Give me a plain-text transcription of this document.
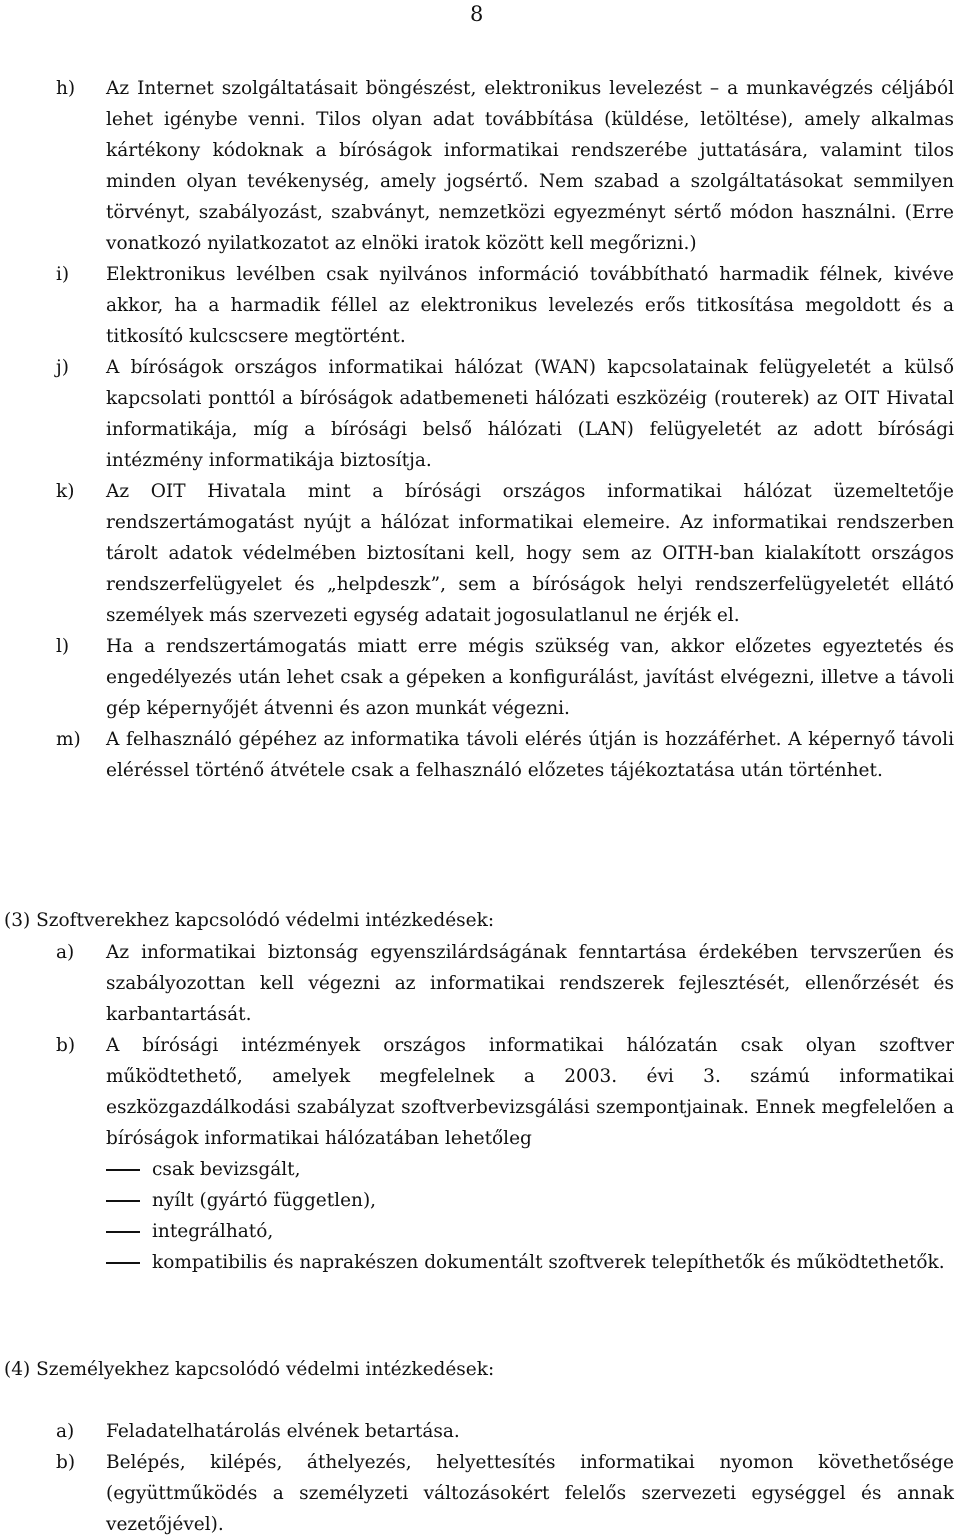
8
h) Az Internet szolgáltatásait böngészést, elektronikus levelezést – a munkavégzés céljából lehet igénybe venni. Tilos olyan adat továbbítása (küldése, letöltése), amely alkalmas kártékony kódoknak a bíróságok informatikai rendszerébe juttatására, valamint tilos minden olyan tevékenység, amely jogsértő. Nem szabad a szolgáltatásokat semmilyen törvényt, szabályozást, szabványt, nemzetközi egyezményt sértő módon használni. (Erre vonatkozó nyilatkozatot az elnöki iratok között kell megőrizni.)
i) Elektronikus levélben csak nyilvános információ továbbítható harmadik félnek, kivéve akkor, ha a harmadik féllel az elektronikus levelezés erős titkosítása megoldott és a titkosító kulcscsere megtörtént.
j) A bíróságok országos informatikai hálózat (WAN) kapcsolatainak felügyeletét a külső kapcsolati ponttól a bíróságok adatbemeneti hálózati eszközéig (routerek) az OIT Hivatal informatikája, míg a bírósági belső hálózati (LAN) felügyeletét az adott bírósági intézmény informatikája biztosítja.
k) Az OIT Hivatala mint a bírósági országos informatikai hálózat üzemeltetője rendszertámogatást nyújt a hálózat informatikai elemeire. Az informatikai rendszerben tárolt adatok védelmében biztosítani kell, hogy sem az OITH-ban kialakított országos rendszerfelügyelet és „helpdeszk”, sem a bíróságok helyi rendszerfelügyeletét ellátó személyek más szervezeti egység adatait jogosulatlanul ne érjék el.
l) Ha a rendszertámogatás miatt erre mégis szükség van, akkor előzetes egyeztetés és engedélyezés után lehet csak a gépeken a konfigurálást, javítást elvégezni, illetve a távoli gép képernyőjét átvenni és azon munkát végezni.
m) A felhasználó gépéhez az informatika távoli elérés útján is hozzáférhet. A képernyő távoli eléréssel történő átvétele csak a felhasználó előzetes tájékoztatása után történhet.
(3) Szoftverekhez kapcsolódó védelmi intézkedések:
a) Az informatikai biztonság egyenszilárdságának fenntartása érdekében tervszerűen és szabályozottan kell végezni az informatikai rendszerek fejlesztését, ellenőrzését és karbantartását.
b) A bírósági intézmények országos informatikai hálózatán csak olyan szoftver működtethető, amelyek megfelelnek a 2003. évi 3. számú informatikai eszközgazdálkodási szabályzat szoftverbevizsgálási szempontjainak. Ennek megfelelően a bíróságok informatikai hálózatában lehetőleg
csak bevizsgált,
nyílt (gyártó független),
integrálható,
kompatibilis és naprakészen dokumentált szoftverek telepíthetők és működtethetők.
(4) Személyekhez kapcsolódó védelmi intézkedések:
a) Feladatelhatárolás elvének betartása.
b) Belépés, kilépés, áthelyezés, helyettesítés informatikai nyomon követhetősége (együttműködés a személyzeti változásokért felelős szervezeti egységgel és annak vezetőjével).
